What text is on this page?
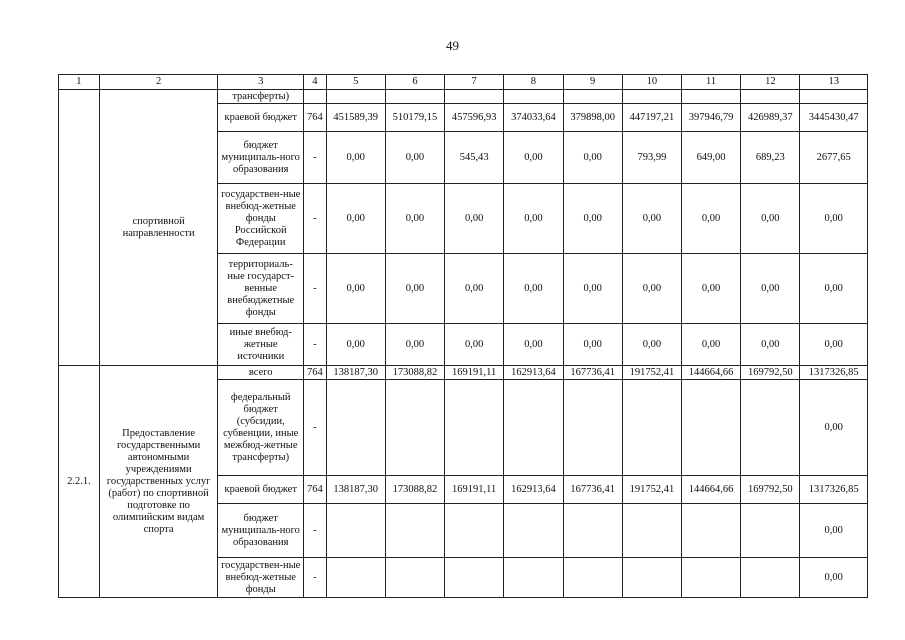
49
1	2	3	4	5	6	7	8	9	10	11	12	13
	спортивной направленности	трансферты)										
		краевой бюджет	764	451589,39	510179,15	457596,93	374033,64	379898,00	447197,21	397946,79	426989,37	3445430,47
		бюджет муниципаль-ного образования	-	0,00	0,00	545,43	0,00	0,00	793,99	649,00	689,23	2677,65
		государствен-ные внебюд-жетные фонды Российской Федерации	-	0,00	0,00	0,00	0,00	0,00	0,00	0,00	0,00	0,00
		территориаль-ные государст-венные внебюджетные фонды	-	0,00	0,00	0,00	0,00	0,00	0,00	0,00	0,00	0,00
		иные внебюд-жетные источники	-	0,00	0,00	0,00	0,00	0,00	0,00	0,00	0,00	0,00
2.2.1.	Предоставление государственными автономными учреждениями государственных услуг (работ) по спортивной подготовке по олимпийским видам спорта	всего	764	138187,30	173088,82	169191,11	162913,64	167736,41	191752,41	144664,66	169792,50	1317326,85
		федеральный бюджет (субсидии, субвенции, иные межбюд-жетные трансферты)	-									0,00
		краевой бюджет	764	138187,30	173088,82	169191,11	162913,64	167736,41	191752,41	144664,66	169792,50	1317326,85
		бюджет муниципаль-ного образования	-									0,00
		государствен-ные внебюд-жетные фонды	-									0,00
